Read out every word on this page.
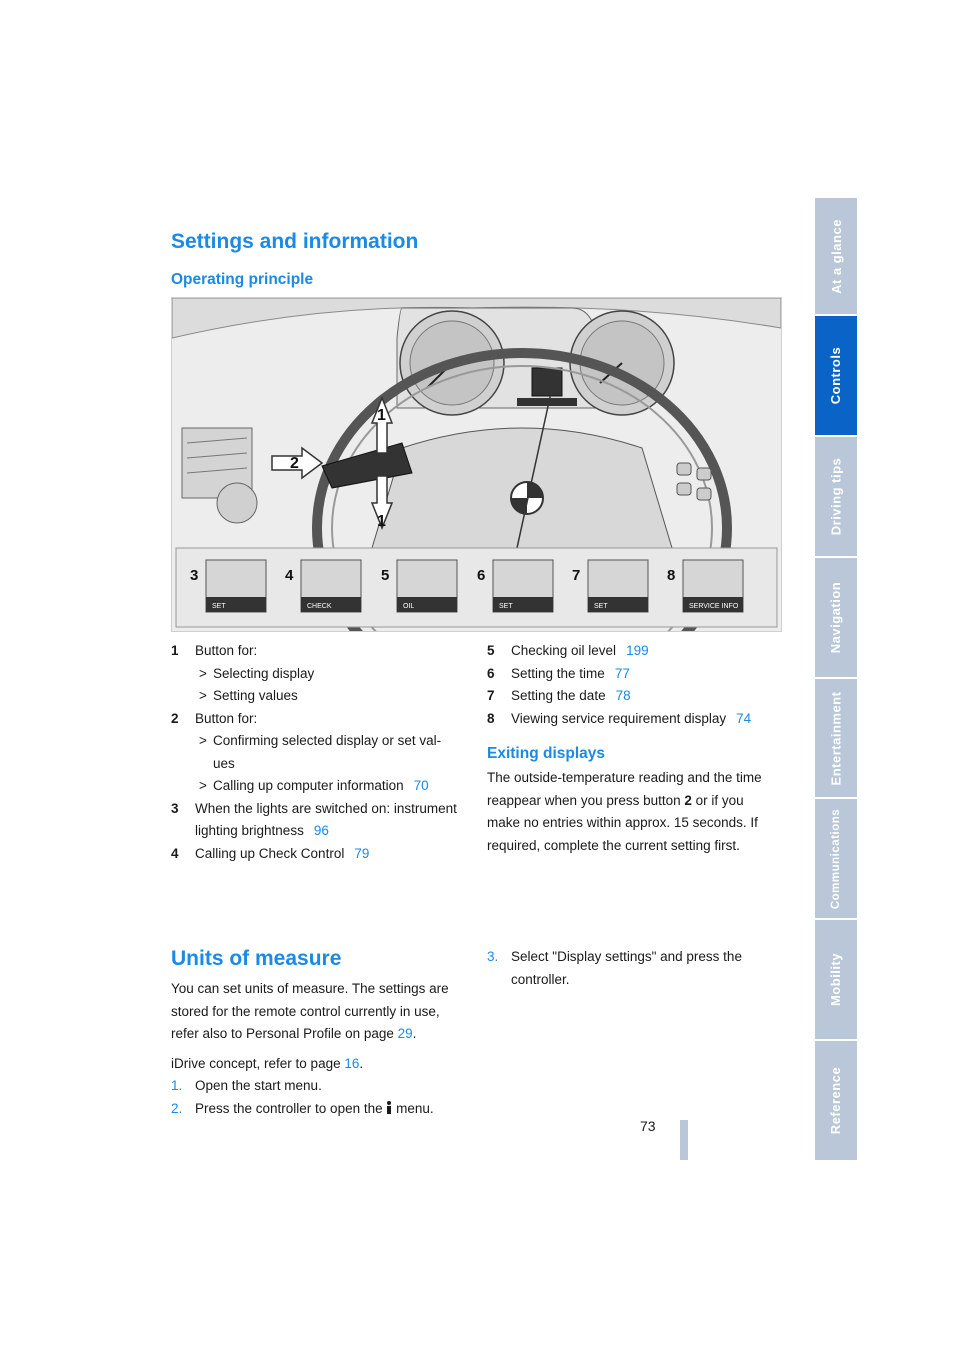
At a glance
Controls
Driving tips
Navigation
Entertainment
Communications
Mobility
Reference
Settings and information
Operating principle
1
2
1
3	4	5	6	7	8
SET	CHECK	OIL	SET	SET	SERVICE INFO
1 Button for:
> Selecting display
> Setting values
2 Button for:
> Confirming selected display or set val-
ues
> Calling up computer information 70
3 When the lights are switched on: instrument
lighting brightness 96
4 Calling up Check Control 79
5 Checking oil level 199
6 Setting the time 77
7 Setting the date 78
8 Viewing service requirement display 74
Exiting displays

The outside-temperature reading and the time

reappear when you press button 2 or if you

make no entries within approx. 15 seconds. If

required, complete the current setting first.

Units of measure

You can set units of measure. The settings are

stored for the remote control currently in use,

refer also to Personal Profile on page 29.

iDrive concept, refer to page 16.

1. Open the start menu.
2. Press the controller to open the  menu.
3. Select "Display settings" and press the
controller.
73
